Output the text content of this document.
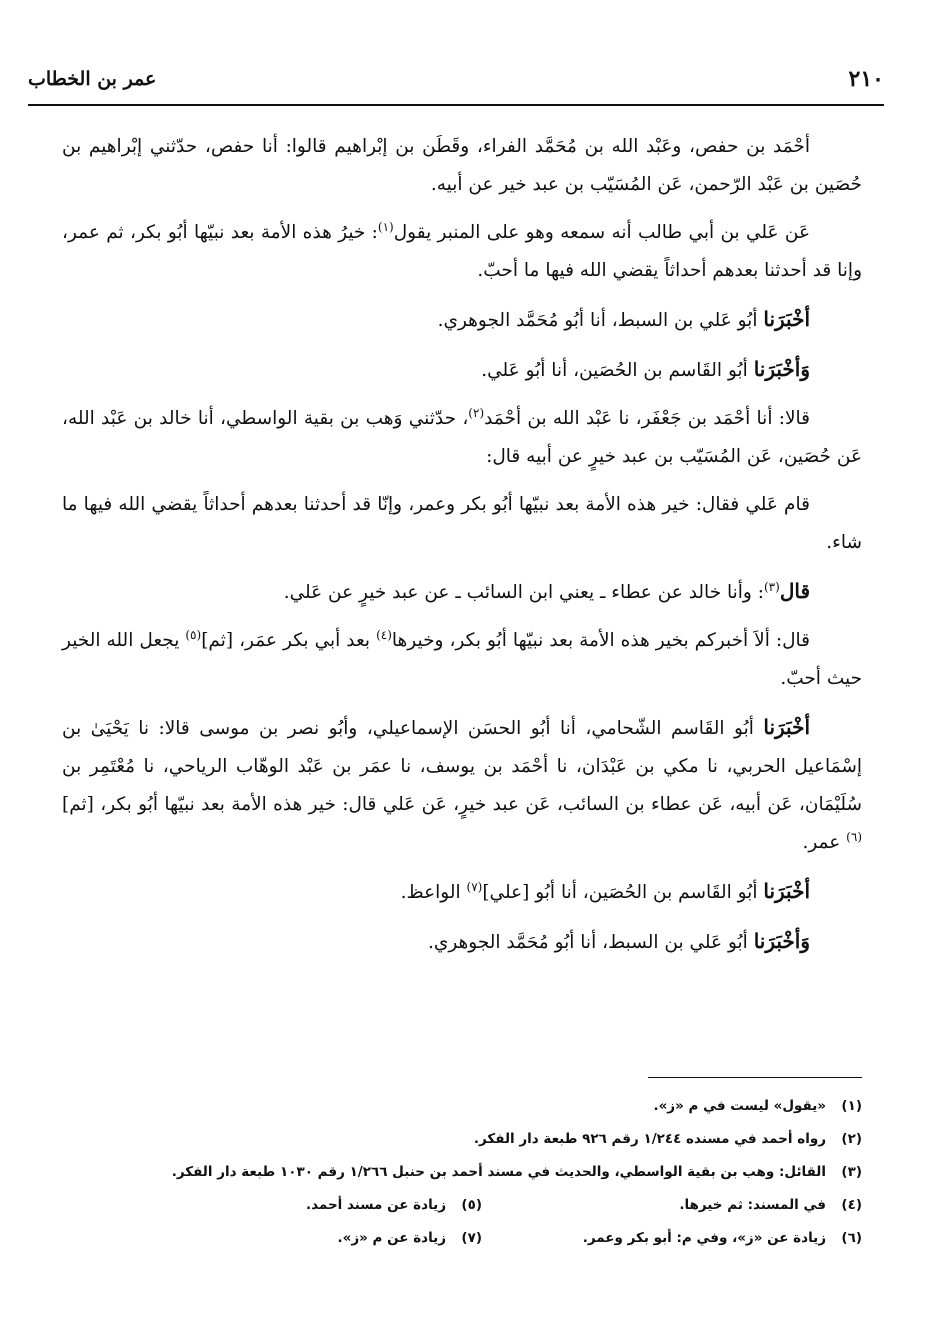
٢١٠
عمر بن الخطاب

أحْمَد بن حفص، وعَبْد الله بن مُحَمَّد الفراء، وقَطَن بن إبْراهيم قالوا: أنا حفص، حدّثني إبْراهيم بن حُصَين بن عَبْد الرّحمن، عَن المُسَيّب بن عبد خير عن أبيه.

عَن عَلي بن أبي طالب أنه سمعه وهو على المنبر يقول$^{(١)}$: خيرُ هذه الأمة بعد نبيّها أبُو بكر، ثم عمر، وإنا قد أحدثنا بعدهم أحداثاً يقضي الله فيها ما أحبّ.

أخْبَرَنا أبُو عَلي بن السبط، أنا أبُو مُحَمَّد الجوهري.

وَأخْبَرَنا أبُو القَاسم بن الحُصَين، أنا أبُو عَلي.

قالا: أنا أحْمَد بن جَعْفَر، نا عَبْد الله بن أحْمَد$^{(٢)}$، حدّثني وَهب بن بقية الواسطي، أنا خالد بن عَبْد الله، عَن حُصَين، عَن المُسَيّب بن عبد خيرٍ عن أبيه قال:

قام عَلي فقال: خير هذه الأمة بعد نبيّها أبُو بكر وعمر، وإنّا قد أحدثنا بعدهم أحداثاً يقضي الله فيها ما شاء.

قال$^{(٣)}$: وأنا خالد عن عطاء ـ يعني ابن السائب ـ عن عبد خيرٍ عن عَلي.

قال: ألاَ أخبركم بخير هذه الأمة بعد نبيّها أبُو بكر، وخيرها$^{(٤)}$ بعد أبي بكر عمَر، [ثم]$^{(٥)}$ يجعل الله الخير حيث أحبّ.

أخْبَرَنا أبُو القَاسم الشّحامي، أنا أبُو الحسَن الإسماعيلي، وأبُو نصر بن موسى قالا: نا يَحْيَىٰ بن إسْمَاعيل الحربي، نا مكي بن عَبْدَان، نا أحْمَد بن يوسف، نا عمَر بن عَبْد الوهّاب الرياحي، نا مُعْتَمِر بن سُلَيْمَان، عَن أبيه، عَن عطاء بن السائب، عَن عبد خيرٍ، عَن عَلي قال: خير هذه الأمة بعد نبيّها أبُو بكر، [ثم]$^{(٦)}$ عمر.

أخْبَرَنا أبُو القَاسم بن الحُصَين، أنا أبُو [علي]$^{(٧)}$ الواعظ.

وَأخْبَرَنا أبُو عَلي بن السبط، أنا أبُو مُحَمَّد الجوهري.

(١)«يقول» ليست في م «ز».
(٢)رواه أحمد في مسنده ١/٢٤٤ رقم ٩٢٦ طبعة دار الفكر.
(٣)القائل: وهب بن بقية الواسطي، والحديث في مسند أحمد بن حنبل ١/٢٦٦ رقم ١٠٣٠ طبعة دار الفكر.
(٤)في المسند: ثم خيرها.
(٥)زيادة عن مسند أحمد.
(٦)زيادة عن «ز»، وفي م: أبو بكر وعمر.
(٧)زيادة عن م «ز».
